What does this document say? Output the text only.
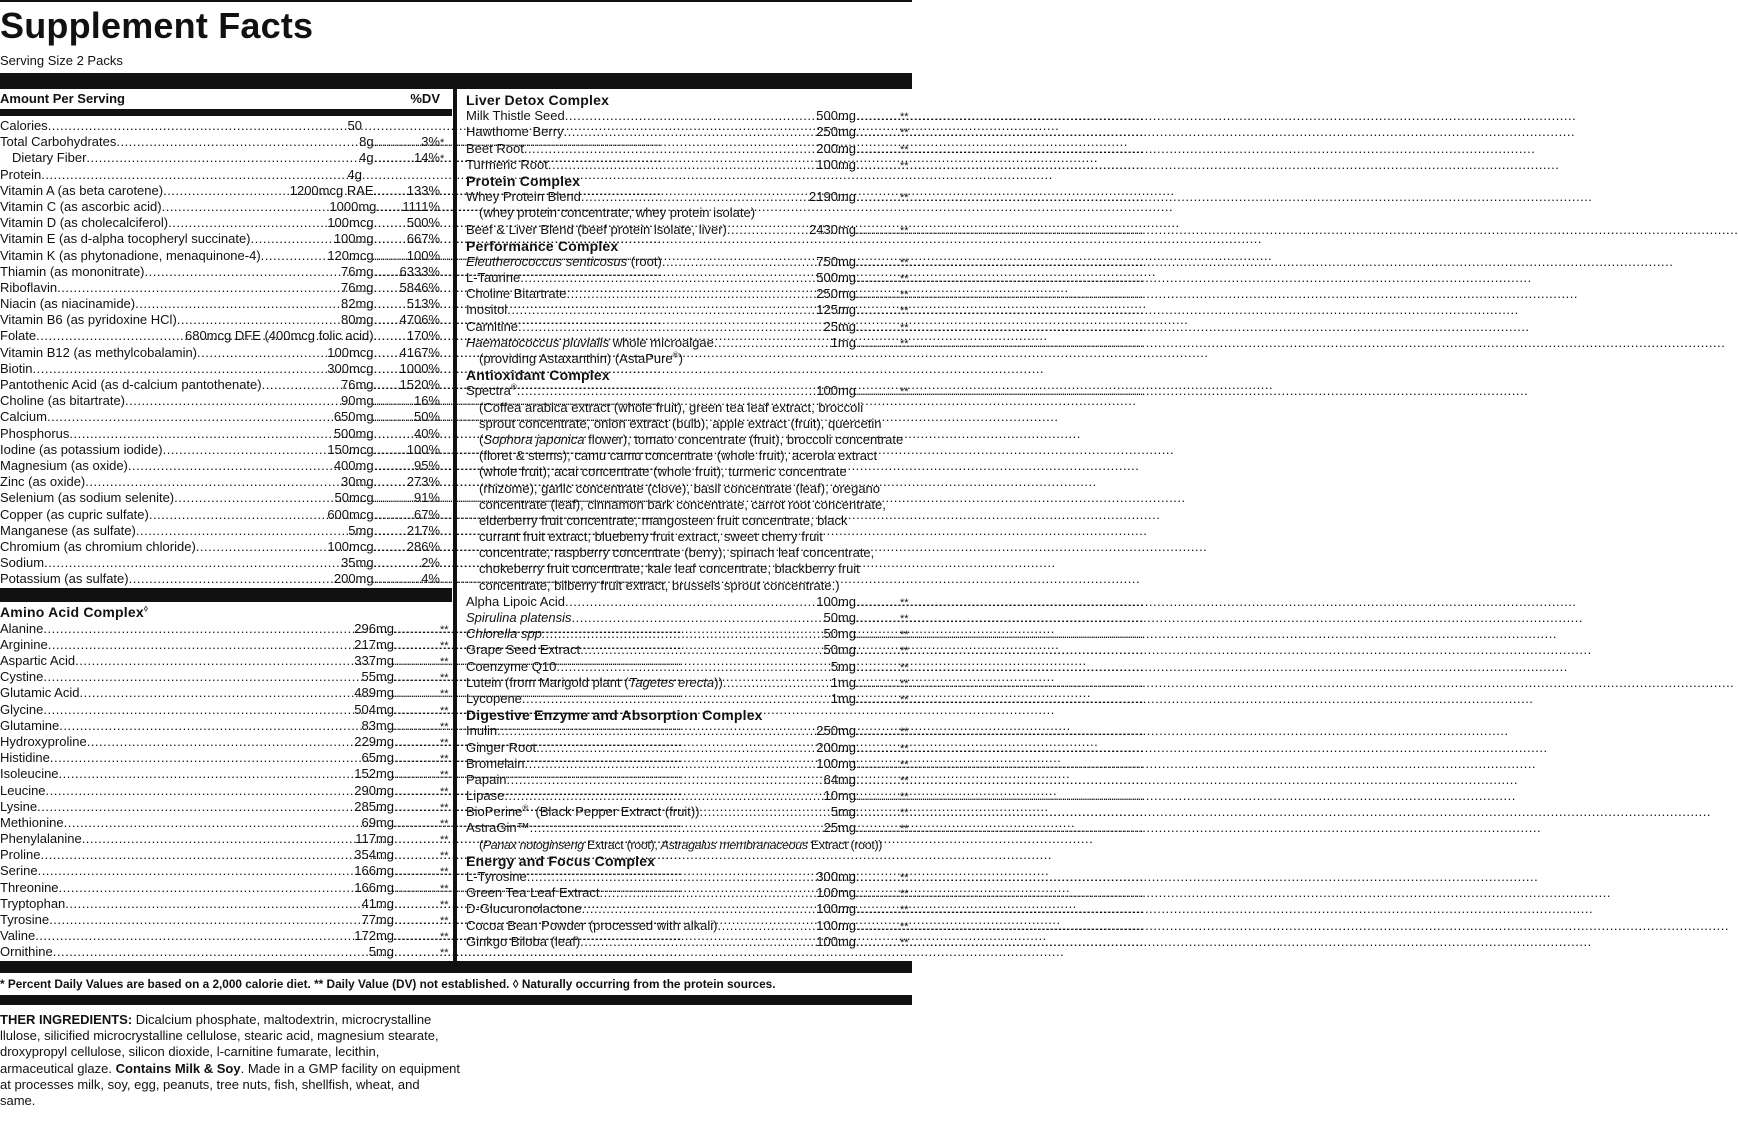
Supplement Facts
Serving Size 2 Packs
Amount Per Serving	%DV
Calories .....	50
Total Carbohydrates .....	8g .....	3% *
Dietary Fiber .....	4g .....	14% *
Protein .....	4g
Vitamin A (as beta carotene) .....	1200mcg RAE .....	133%
Vitamin C (as ascorbic acid) .....	1000mg ..... 1111%
Vitamin D (as cholecalciferol) .....	100mcg .....	500%
Vitamin E (as d-alpha tocopheryl succinate) .....	100mg .....	667%
Vitamin K (as phytonadione, menaquinone-4) .....	120mcg .....	100%
Thiamin (as mononitrate) .....	76mg ..... 6333%
Riboflavin .....	76mg ..... 5846%
Niacin (as niacinamide) .....	82mg .....	513%
Vitamin B6 (as pyridoxine HCl) .....	80mg ..... 4706%
Folate .....	680mcg DFE (400mcg folic acid) .....	170%
Vitamin B12 (as methylcobalamin) .....	100mcg ..... 4167%
Biotin .....	300mcg ..... 1000%
Pantothenic Acid (as d-calcium pantothenate) .....	76mg ..... 1520%
Choline (as bitartrate) .....	90mg .....	16%
Calcium .....	650mg .....	50%
Phosphorus .....	500mg .....	40%
Iodine (as potassium iodide) .....	150mcg .....	100%
Magnesium (as oxide) .....	400mg .....	95%
Zinc (as oxide) .....	30mg .....	273%
Selenium (as sodium selenite) .....	50mcg .....	91%
Copper (as cupric sulfate) .....	600mcg .....	67%
Manganese (as sulfate) .....	5mg .....	217%
Chromium (as chromium chloride) .....	100mcg .....	286%
Sodium .....	35mg .....	2%
Potassium (as sulfate) .....	200mg .....	4%
Amino Acid Complex◊
Alanine .....	296mg .....	**
Arginine .....	217mg .....	**
Aspartic Acid .....	337mg .....	**
Cystine .....	55mg .....	**
Glutamic Acid .....	489mg .....	**
Glycine .....	504mg .....	**
Glutamine .....	83mg .....	**
Hydroxyproline .....	229mg .....	**
Histidine .....	65mg .....	**
Isoleucine .....	152mg .....	**
Leucine .....	290mg .....	**
Lysine .....	285mg .....	**
Methionine .....	69mg .....	**
Phenylalanine .....	117mg .....	**
Proline .....	354mg .....	**
Serine .....	166mg .....	**
Threonine .....	166mg .....	**
Tryptophan .....	41mg .....	**
Tyrosine .....	77mg .....	**
Valine .....	172mg .....	**
Ornithine .....	5mg .....	**
Liver Detox Complex
Milk Thistle Seed .....	500mg .....	**
Hawthorne Berry .....	250mg .....	**
Beet Root .....	200mg .....	**
Turmeric Root .....	100mg .....	**
Protein Complex
Whey Protein Blend .....	2190mg .....	**
(whey protein concentrate, whey protein isolate)
Beef & Liver Blend (beef protein isolate, liver) .....	2430mg .....	**
Performance Complex
Eleutherococcus senticosus (root) .....	750mg .....	**
L-Taurine .....	500mg .....	**
Choline Bitartrate .....	250mg .....	**
Inositol .....	125mg .....	**
Carnitine .....	25mg .....	**
Haematococcus pluvialis whole microalgae .....	1mg .....	**
(providing Astaxanthin) (AstaPure®)
Antioxidant Complex
Spectra® .....	100mg .....	**
(Coffea arabica extract (whole fruit), green tea leaf extract, broccoli
sprout concentrate, onion extract (bulb), apple extract (fruit), quercetin
(Sophora japonica flower), tomato concentrate (fruit), broccoli concentrate
(floret & stems), camu camu concentrate (whole fruit), acerola extract
(whole fruit), acai concentrate (whole fruit), turmeric concentrate
(rhizome), garlic concentrate (clove), basil concentrate (leaf), oregano
concentrate (leaf), cinnamon bark concentrate, carrot root concentrate,
elderberry fruit concentrate, mangosteen fruit concentrate, black
currant fruit extract, blueberry fruit extract, sweet cherry fruit
concentrate, raspberry concentrate (berry), spinach leaf concentrate,
chokeberry fruit concentrate, kale leaf concentrate, blackberry fruit
concentrate, bilberry fruit extract, brussels sprout concentrate.)
Alpha Lipoic Acid .....	100mg .....	**
Spirulina platensis .....	50mg .....	**
Chlorella spp. .....	50mg .....	**
Grape Seed Extract .....	50mg .....	**
Coenzyme Q10 .....	5mg .....	**
Lutein (from Marigold plant (Tagetes erecta)) .....	1mg .....	**
Lycopene .....	1mg .....	**
Digestive Enzyme and Absorption Complex
Inulin .....	250mg .....	**
Ginger Root .....	200mg .....	**
Bromelain .....	100mg .....	**
Papain .....	64mg .....	**
Lipase .....	10mg .....	**
BioPerine®  (Black Pepper Extract (fruit)) .....	5mg .....	**
AstraGin™ .....	25mg .....	**
(Panax notoginseng Extract (root), Astragalus membranaceous Extract (root))
Energy and Focus Complex
L-Tyrosine .....	300mg .....	**
Green Tea Leaf Extract .....	100mg .....	**
D-Glucuronolactone .....	100mg .....	**
Cocoa Bean Powder (processed with alkali) .....	100mg .....	**
Ginkgo Biloba (leaf) .....	100mg .....	**
* Percent Daily Values are based on a 2,000 calorie diet. ** Daily Value (DV) not established. ◊ Naturally occurring from the protein sources.
THER INGREDIENTS: Dicalcium phosphate, maltodextrin, microcrystalline
llulose, silicified microcrystalline cellulose, stearic acid, magnesium stearate,
droxypropyl cellulose, silicon dioxide, l-carnitine fumarate, lecithin,
armaceutical glaze. Contains Milk & Soy. Made in a GMP facility on equipment
at processes milk, soy, egg, peanuts, tree nuts, fish, shellfish, wheat, and
same.
